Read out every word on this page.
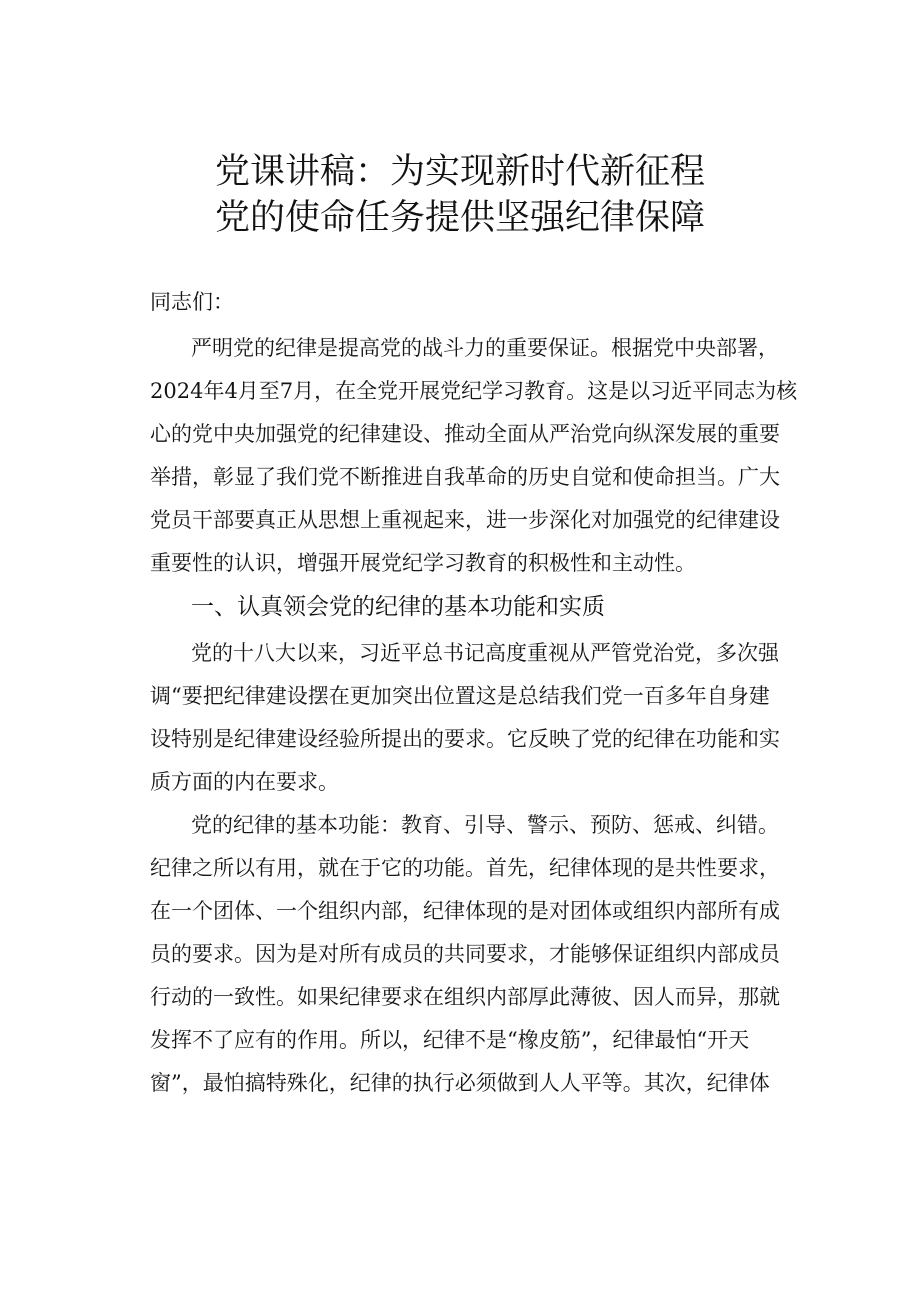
党课讲稿：为实现新时代新征程
党的使命任务提供坚强纪律保障
同志们：
严明党的纪律是提高党的战斗力的重要保证。根据党中央部署，
2024年4月至7月，在全党开展党纪学习教育。这是以习近平同志为核
心的党中央加强党的纪律建设、推动全面从严治党向纵深发展的重要
举措，彰显了我们党不断推进自我革命的历史自觉和使命担当。广大
党员干部要真正从思想上重视起来，进一步深化对加强党的纪律建设
重要性的认识，增强开展党纪学习教育的积极性和主动性。
一、认真领会党的纪律的基本功能和实质
党的十八大以来，习近平总书记高度重视从严管党治党，多次强
调“要把纪律建设摆在更加突出位置这是总结我们党一百多年自身建
设特别是纪律建设经验所提出的要求。它反映了党的纪律在功能和实
质方面的内在要求。
党的纪律的基本功能：教育、引导、警示、预防、惩戒、纠错。
纪律之所以有用，就在于它的功能。首先，纪律体现的是共性要求，
在一个团体、一个组织内部，纪律体现的是对团体或组织内部所有成
员的要求。因为是对所有成员的共同要求，才能够保证组织内部成员
行动的一致性。如果纪律要求在组织内部厚此薄彼、因人而异，那就
发挥不了应有的作用。所以，纪律不是“橡皮筋”，纪律最怕“开天
窗”，最怕搞特殊化，纪律的执行必须做到人人平等。其次，纪律体
